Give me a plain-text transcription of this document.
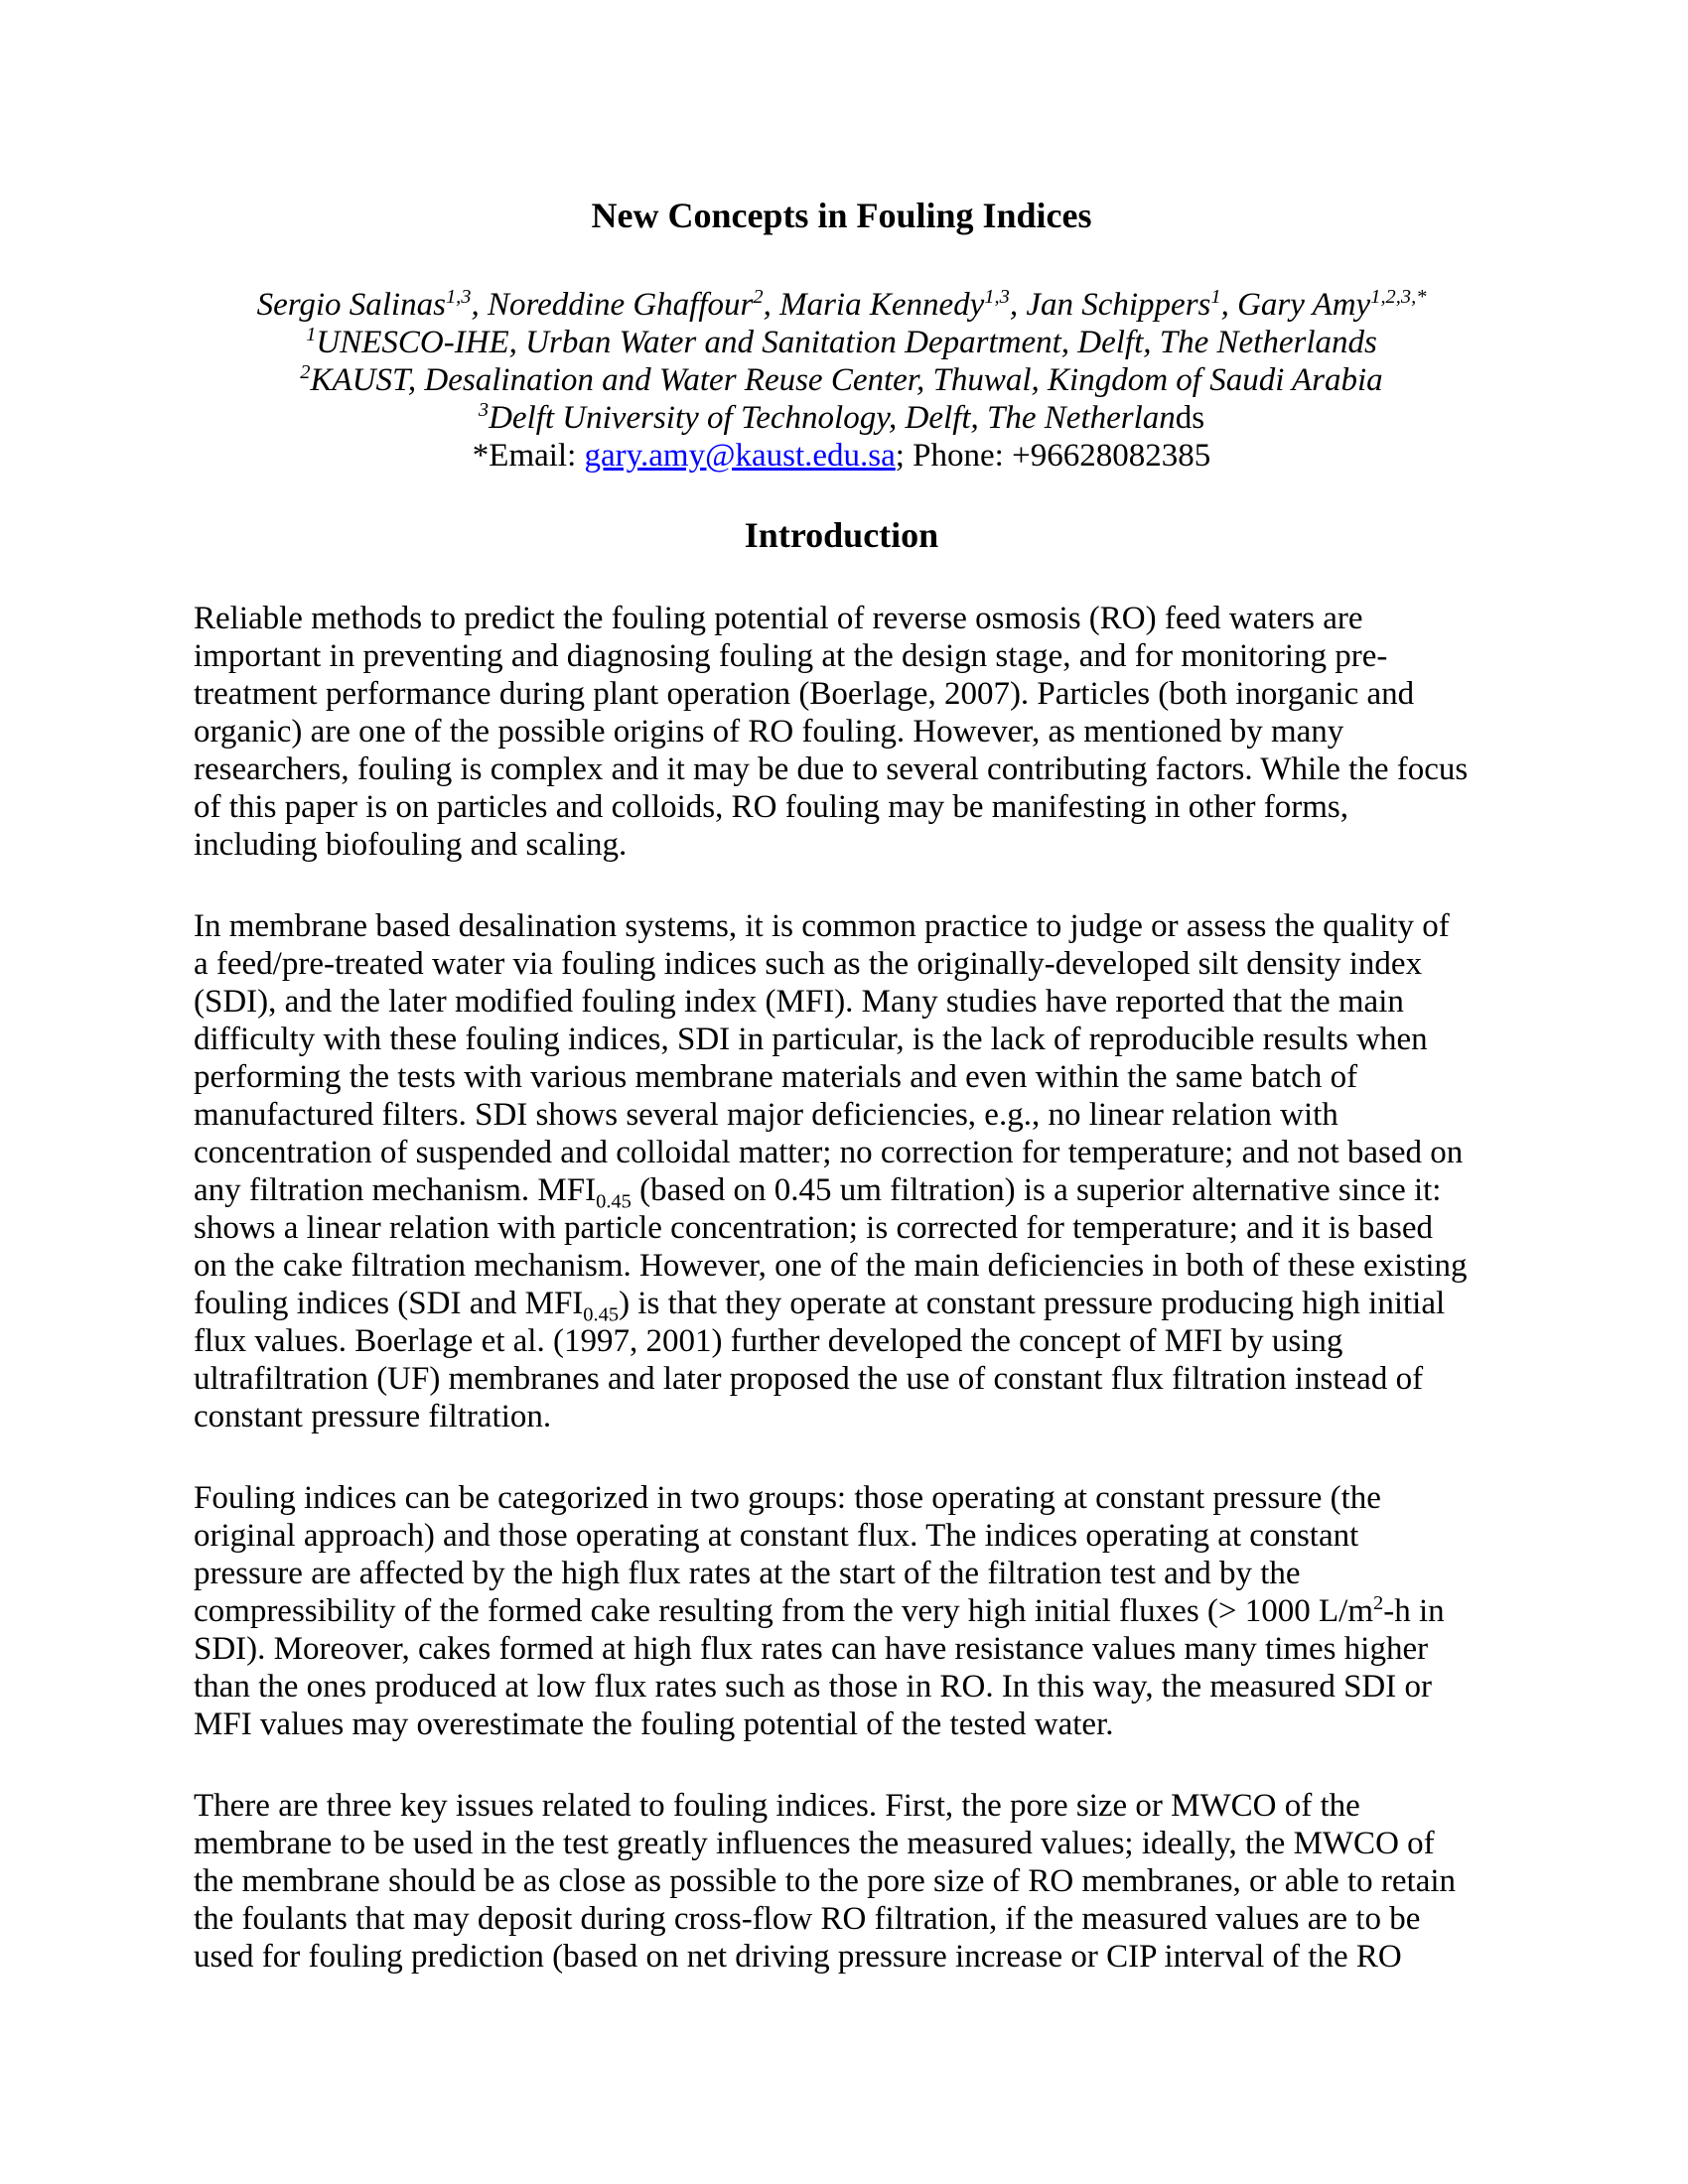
New Concepts in Fouling Indices
Sergio Salinas$^{1,3}$, Noreddine Ghaffour$^2$, Maria Kennedy$^{1,3}$, Jan Schippers$^1$, Gary Amy$^{1,2,3,*}$
$^1$UNESCO-IHE, Urban Water and Sanitation Department, Delft, The Netherlands
$^2$KAUST, Desalination and Water Reuse Center, Thuwal, Kingdom of Saudi Arabia
$^3$Delft University of Technology, Delft, The Netherlands
*Email: gary.amy@kaust.edu.sa; Phone: +96628082385
Introduction
Reliable methods to predict the fouling potential of reverse osmosis (RO) feed waters are
important in preventing and diagnosing fouling at the design stage, and for monitoring pre-
treatment performance during plant operation (Boerlage, 2007). Particles (both inorganic and
organic) are one of the possible origins of RO fouling. However, as mentioned by many
researchers, fouling is complex and it may be due to several contributing factors. While the focus
of this paper is on particles and colloids, RO fouling may be manifesting in other forms,
including biofouling and scaling.
In membrane based desalination systems, it is common practice to judge or assess the quality of
a feed/pre-treated water via fouling indices such as the originally-developed silt density index
(SDI), and the later modified fouling index (MFI). Many studies have reported that the main
difficulty with these fouling indices, SDI in particular, is the lack of reproducible results when
performing the tests with various membrane materials and even within the same batch of
manufactured filters. SDI shows several major deficiencies, e.g., no linear relation with
concentration of suspended and colloidal matter; no correction for temperature; and not based on
any filtration mechanism. $MFI_{0.45}$ (based on 0.45 um filtration) is a superior alternative since it:
shows a linear relation with particle concentration; is corrected for temperature; and it is based
on the cake filtration mechanism. However, one of the main deficiencies in both of these existing
fouling indices (SDI and $MFI_{0.45}$) is that they operate at constant pressure producing high initial
flux values. Boerlage et al. (1997, 2001) further developed the concept of MFI by using
ultrafiltration (UF) membranes and later proposed the use of constant flux filtration instead of
constant pressure filtration.
Fouling indices can be categorized in two groups: those operating at constant pressure (the
original approach) and those operating at constant flux. The indices operating at constant
pressure are affected by the high flux rates at the start of the filtration test and by the
compressibility of the formed cake resulting from the very high initial fluxes (> 1000 $L/m^2-h$ in
SDI). Moreover, cakes formed at high flux rates can have resistance values many times higher
than the ones produced at low flux rates such as those in RO. In this way, the measured SDI or
MFI values may overestimate the fouling potential of the tested water.
There are three key issues related to fouling indices. First, the pore size or MWCO of the
membrane to be used in the test greatly influences the measured values; ideally, the MWCO of
the membrane should be as close as possible to the pore size of RO membranes, or able to retain
the foulants that may deposit during cross-flow RO filtration, if the measured values are to be
used for fouling prediction (based on net driving pressure increase or CIP interval of the RO
